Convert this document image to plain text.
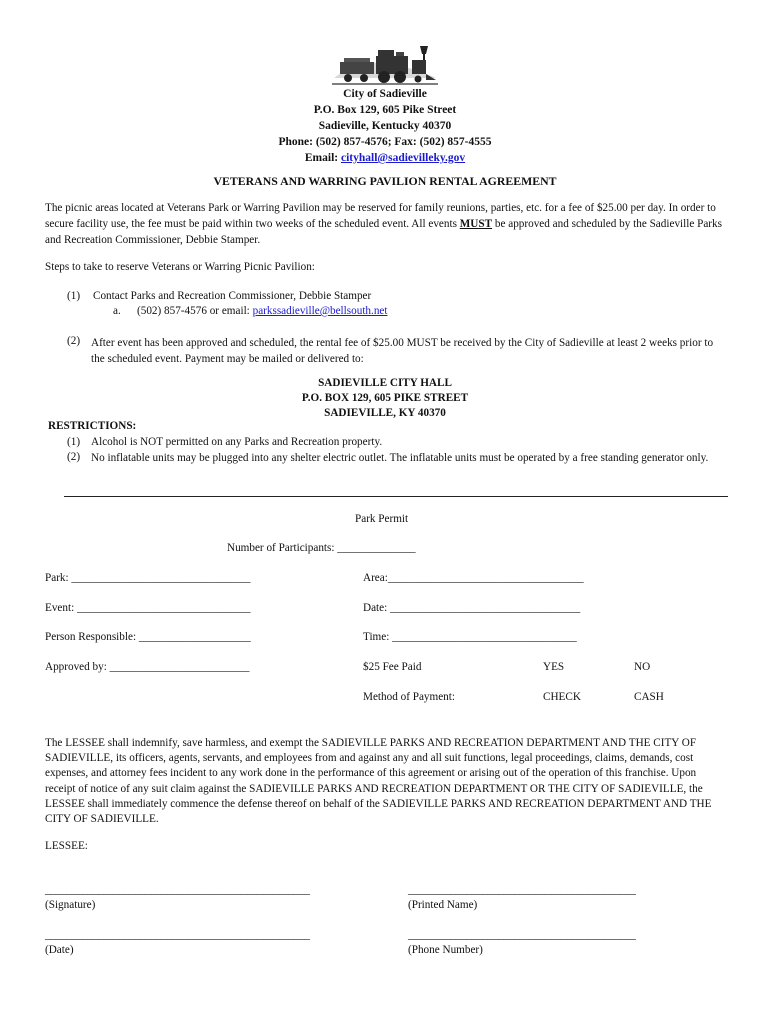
City of Sadieville
P.O. Box 129, 605 Pike Street
Sadieville, Kentucky 40370
Phone: (502) 857-4576; Fax: (502) 857-4555
Email: cityhall@sadievilleky.gov
VETERANS AND WARRING PAVILION RENTAL AGREEMENT

The picnic areas located at Veterans Park or Warring Pavilion may be reserved for family reunions, parties, etc. for a fee of $25.00 per day. In order to secure facility use, the fee must be paid within two weeks of the scheduled event. All events MUST be approved and scheduled by the Sadieville Parks and Recreation Commissioner, Debbie Stamper.

Steps to take to reserve Veterans or Warring Picnic Pavilion:
(1) Contact Parks and Recreation Commissioner, Debbie Stamper
a. (502) 857-4576 or email: parkssadieville@bellsouth.net
(2) After event has been approved and scheduled, the rental fee of $25.00 MUST be received by the City of Sadieville at least 2 weeks prior to the scheduled event. Payment may be mailed or delivered to:

SADIEVILLE CITY HALL
P.O. BOX 129, 605 PIKE STREET
SADIEVILLE, KY 40370
RESTRICTIONS:
(1) Alcohol is NOT permitted on any Parks and Recreation property.
(2) No inflatable units may be plugged into any shelter electric outlet. The inflatable units must be operated by a free standing generator only.

Park Permit
Number of Participants: ______________
Park: ________________________________	Area:___________________________________
Event: _______________________________	Date: __________________________________
Person Responsible: ____________________	Time: _________________________________
Approved by: _________________________	$25 Fee Paid	YES	NO
Method of Payment:	CHECK	CASH

The LESSEE shall indemnify, save harmless, and exempt the SADIEVILLE PARKS AND RECREATION DEPARTMENT AND THE CITY OF SADIEVILLE, its officers, agents, servants, and employees from and against any and all suit functions, legal proceedings, claims, demands, cost expenses, and attorney fees incident to any work done in the performance of this agreement or arising out of the operation of this franchise. Upon receipt of notice of any suit claim against the SADIEVILLE PARKS AND RECREATION DEPARTMENT OR THE CITY OF SADIEVILLE, the LESSEE shall immediately commence the defense thereof on behalf of the SADIEVILLE PARKS AND RECREATION DEPARTMENT AND THE CITY OF SADIEVILLE.

LESSEE:
__________________________________________________	___________________________________________
(Signature)	(Printed Name)
__________________________________________________	___________________________________________
(Date)	(Phone Number)
